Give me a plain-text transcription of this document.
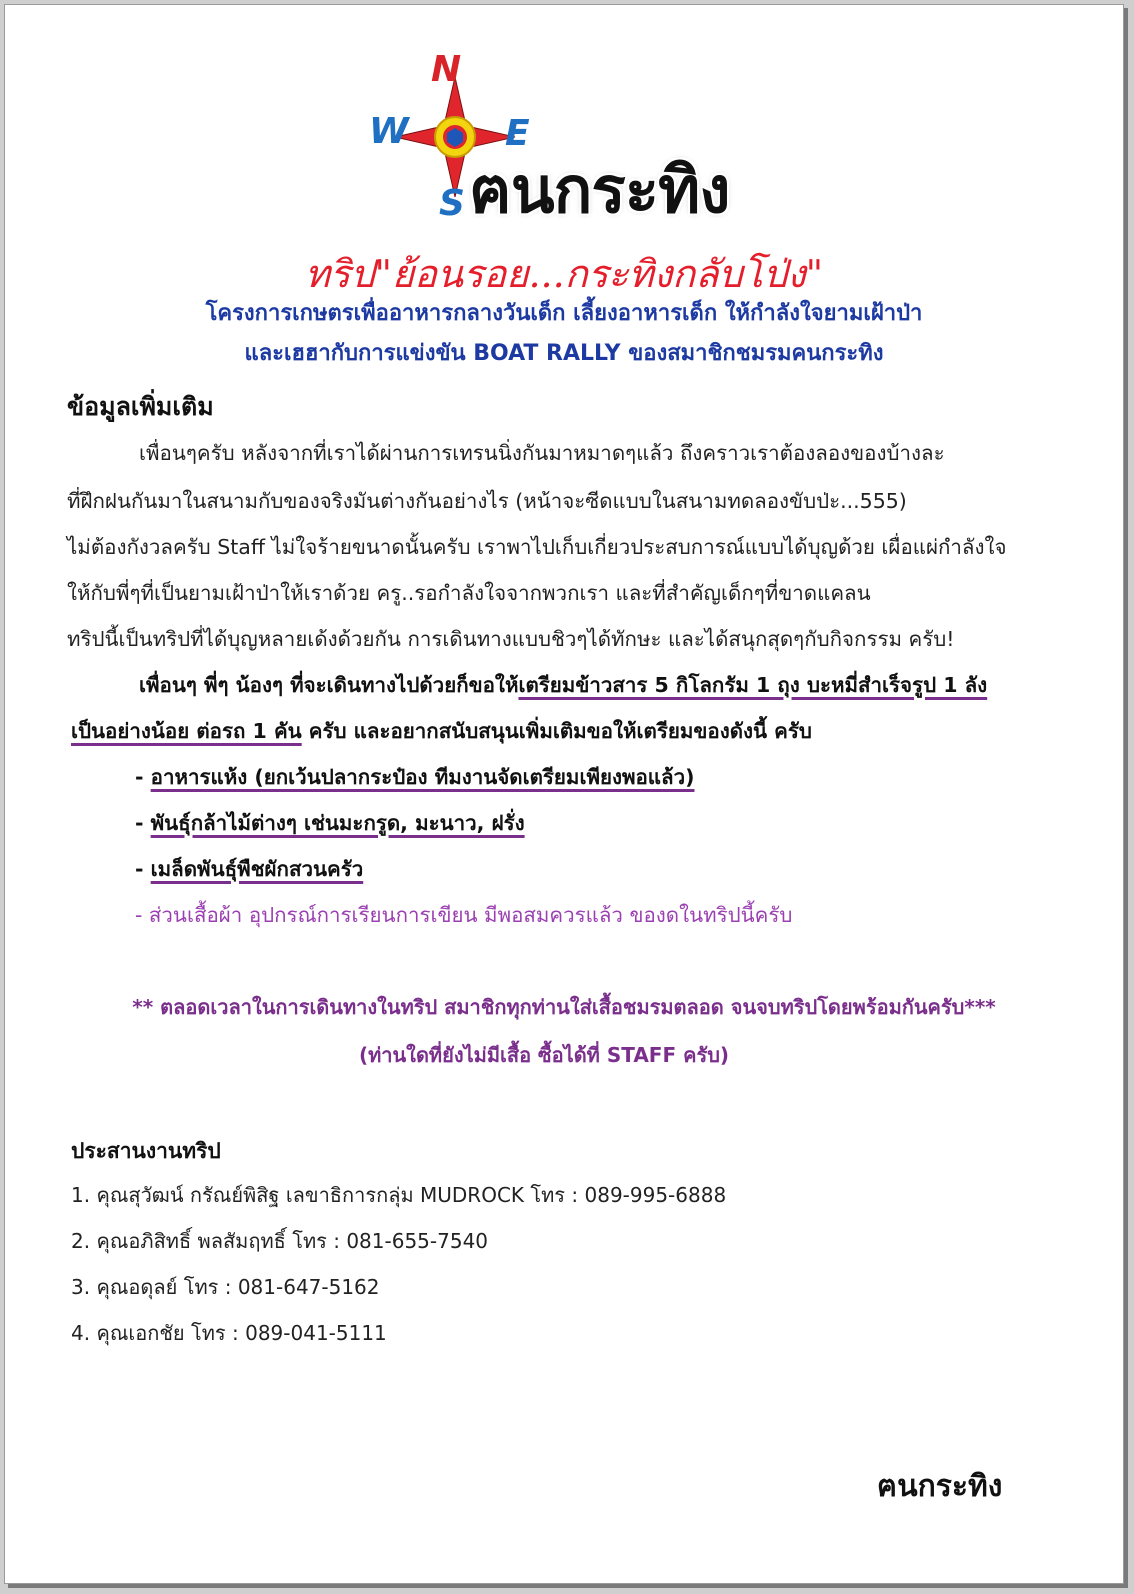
N
E
W
S ฅนกระทิง
ทริป"ย้อนรอย...กระทิงกลับโป่ง"
โครงการเกษตรเพื่ออาหารกลางวันเด็ก เลี้ยงอาหารเด็ก ให้กำลังใจยามเฝ้าป่า
และเฮฮากับการแข่งขัน BOAT RALLY ของสมาชิกชมรมคนกระทิง
ข้อมูลเพิ่มเติม
เพื่อนๆครับ หลังจากที่เราได้ผ่านการเทรนนิ่งกันมาหมาดๆแล้ว ถึงคราวเราต้องลองของบ้างละ
ที่ฝึกฝนกันมาในสนามกับของจริงมันต่างกันอย่างไร (หน้าจะซีดแบบในสนามทดลองขับป่ะ...555)
ไม่ต้องกังวลครับ Staff ไม่ใจร้ายขนาดนั้นครับ เราพาไปเก็บเกี่ยวประสบการณ์แบบได้บุญด้วย เผื่อแผ่กำลังใจ
ให้กับพี่ๆที่เป็นยามเฝ้าป่าให้เราด้วย ครู..รอกำลังใจจากพวกเรา และที่สำคัญเด็กๆที่ขาดแคลน
ทริปนี้เป็นทริปที่ได้บุญหลายเด้งด้วยกัน การเดินทางแบบชิวๆได้ทักษะ และได้สนุกสุดๆกับกิจกรรม ครับ!
เพื่อนๆ พี่ๆ น้องๆ ที่จะเดินทางไปด้วยก็ขอให้เตรียมข้าวสาร 5 กิโลกรัม 1 ถุง บะหมี่สำเร็จรูป 1 ลัง
เป็นอย่างน้อย ต่อรถ 1 คัน ครับ และอยากสนับสนุนเพิ่มเติมขอให้เตรียมของดังนี้ ครับ
- อาหารแห้ง (ยกเว้นปลากระป๋อง ทีมงานจัดเตรียมเพียงพอแล้ว)
- พันธุ์กล้าไม้ต่างๆ เช่นมะกรูด, มะนาว, ฝรั่ง
- เมล็ดพันธุ์พืชผักสวนครัว
- ส่วนเสื้อผ้า อุปกรณ์การเรียนการเขียน มีพอสมควรแล้ว ของดในทริปนี้ครับ
** ตลอดเวลาในการเดินทางในทริป สมาชิกทุกท่านใส่เสื้อชมรมตลอด จนจบทริปโดยพร้อมกันครับ***
(ท่านใดที่ยังไม่มีเสื้อ ซื้อได้ที่ STAFF ครับ)
ประสานงานทริป
1. คุณสุวัฒน์ กรัณย์พิสิฐ เลขาธิการกลุ่ม MUDROCK โทร : 089-995-6888
2. คุณอภิสิทธิ์ พลสัมฤทธิ์ โทร : 081-655-7540
3. คุณอดุลย์ โทร : 081-647-5162
4. คุณเอกชัย โทร : 089-041-5111
ฅนกระทิง
